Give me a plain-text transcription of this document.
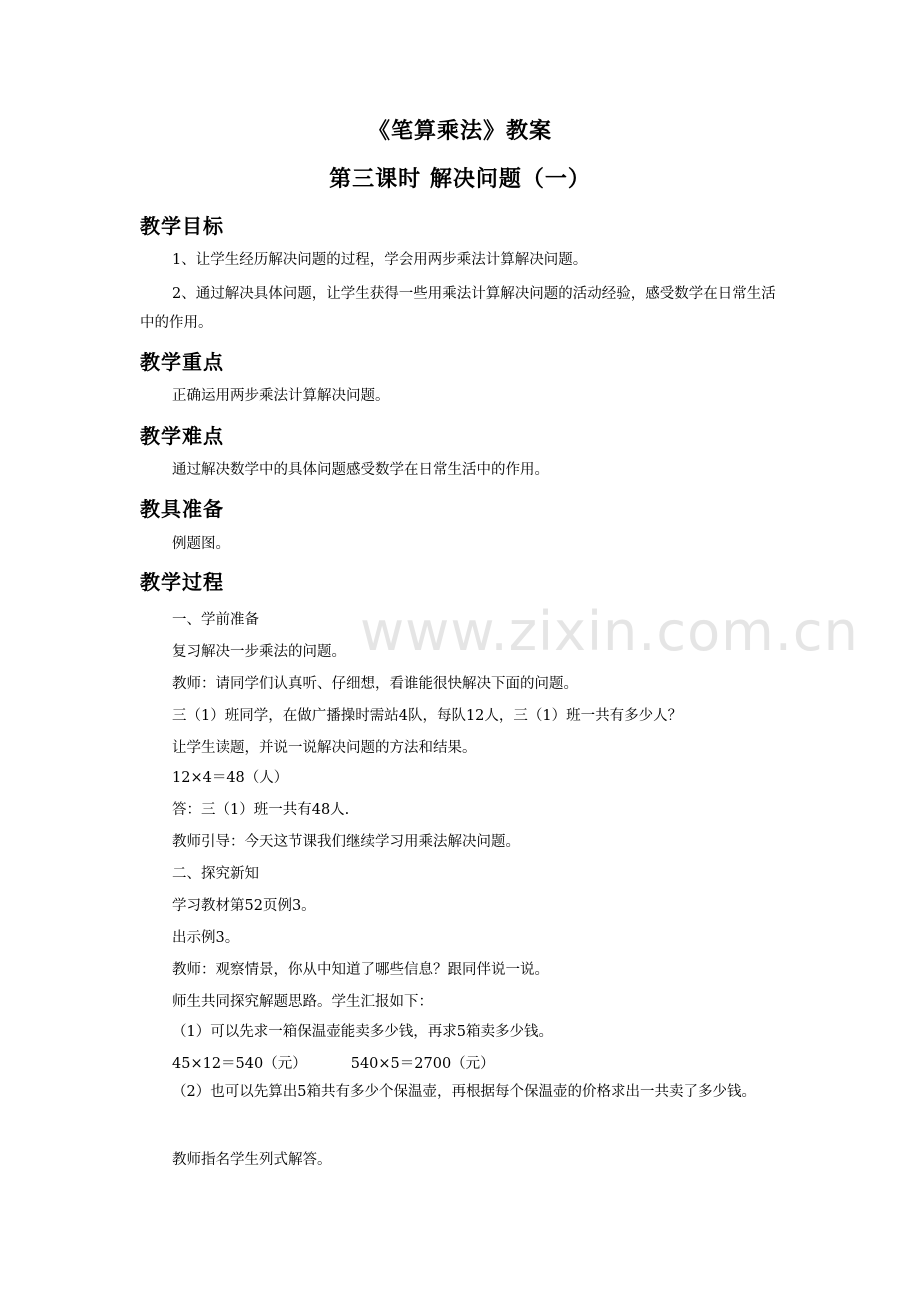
《笔算乘法》教案
第三课时 解决问题（一）
教学目标
1、让学生经历解决问题的过程，学会用两步乘法计算解决问题。
2、通过解决具体问题，让学生获得一些用乘法计算解决问题的活动经验，感受数学在日常生活中的作用。
教学重点
正确运用两步乘法计算解决问题。
教学难点
通过解决数学中的具体问题感受数学在日常生活中的作用。
教具准备
例题图。
教学过程
一、学前准备
复习解决一步乘法的问题。
教师：请同学们认真听、仔细想，看谁能很快解决下面的问题。
三（1）班同学，在做广播操时需站4队，每队12人，三（1）班一共有多少人？
让学生读题，并说一说解决问题的方法和结果。
12×4＝48（人）
答：三（1）班一共有48人.
教师引导：今天这节课我们继续学习用乘法解决问题。
二、探究新知
学习教材第52页例3。
出示例3。
教师：观察情景，你从中知道了哪些信息？跟同伴说一说。
师生共同探究解题思路。学生汇报如下：
（1）可以先求一箱保温壶能卖多少钱，再求5箱卖多少钱。
45×12＝540（元）	540×5＝2700（元）
（2）也可以先算出5箱共有多少个保温壶，再根据每个保温壶的价格求出一共卖了多少钱。
教师指名学生列式解答。
www.zixin.com.cn
